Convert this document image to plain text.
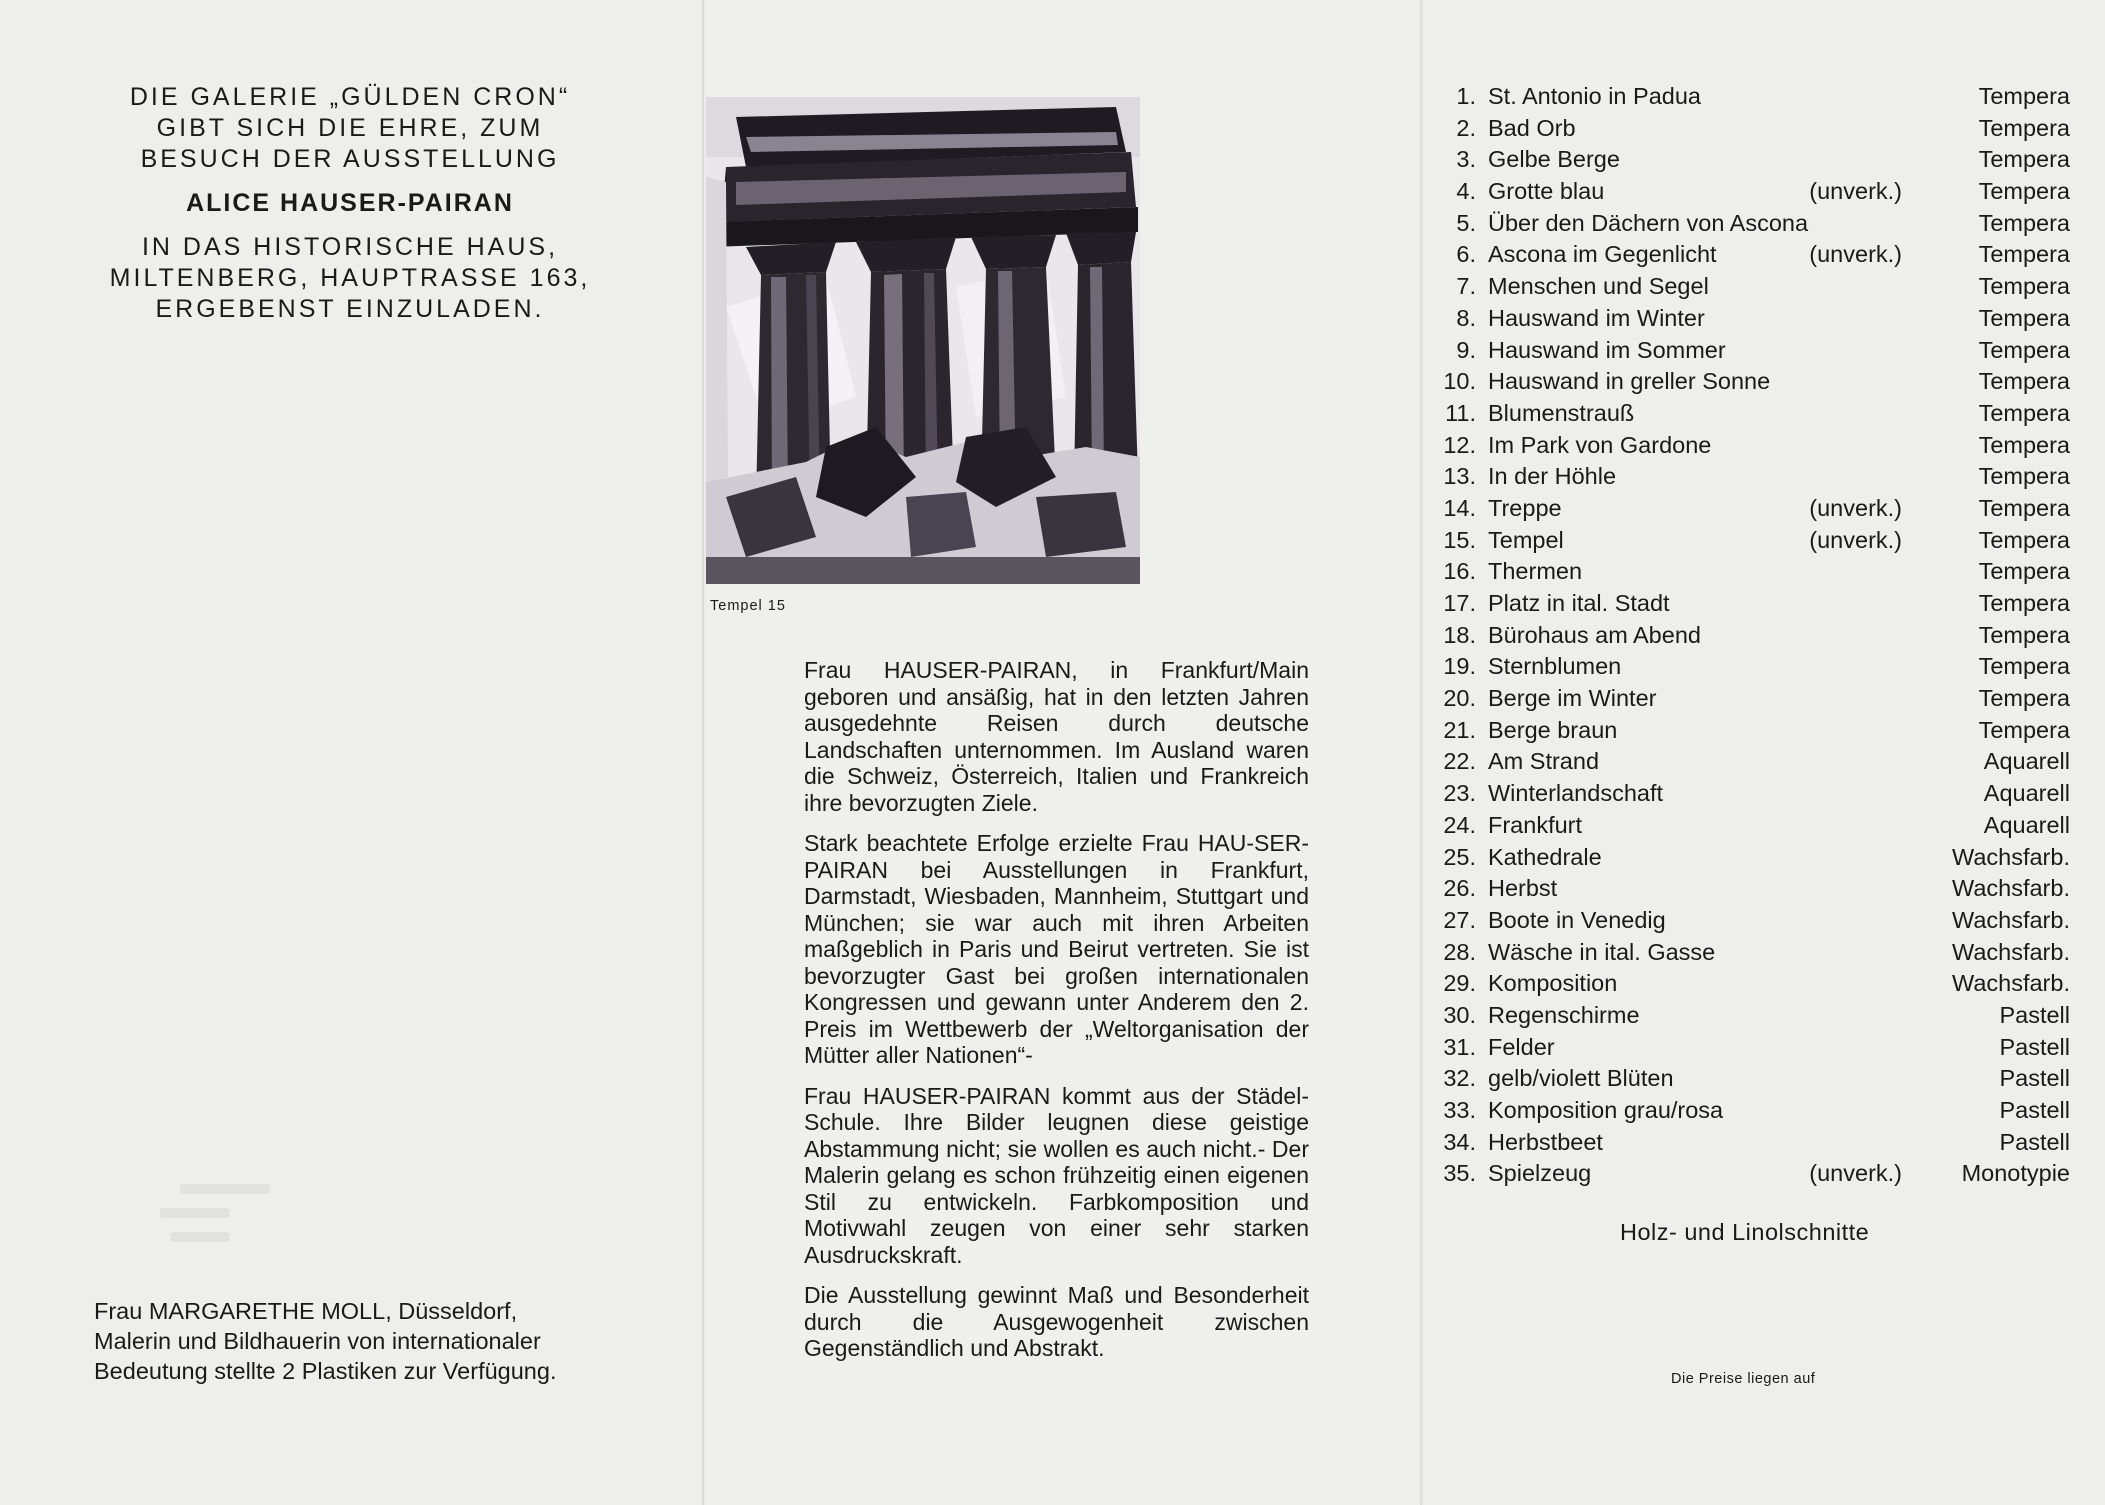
DIE GALERIE „GÜLDEN CRON“

GIBT SICH DIE EHRE, ZUM

BESUCH DER AUSSTELLUNG

ALICE HAUSER-PAIRAN

IN DAS HISTORISCHE HAUS,

MILTENBERG, HAUPTRASSE 163,

ERGEBENST EINZULADEN.

Frau MARGARETHE MOLL, Düsseldorf,
Malerin und Bildhauerin von internationaler
Bedeutung stellte 2 Plastiken zur Verfügung.
Tempel 15

Frau HAUSER-PAIRAN, in Frankfurt/Main geboren und ansäßig, hat in den letzten Jahren ausgedehnte Reisen durch deutsche Landschaften unternommen. Im Ausland waren die Schweiz, Österreich, Italien und Frankreich ihre bevorzugten Ziele.

Stark beachtete Erfolge erzielte Frau HAU-SER-PAIRAN bei Ausstellungen in Frankfurt, Darmstadt, Wiesbaden, Mannheim, Stuttgart und München; sie war auch mit ihren Arbeiten maßgeblich in Paris und Beirut vertreten. Sie ist bevorzugter Gast bei großen internationalen Kongressen und gewann unter Anderem den 2. Preis im Wettbewerb der „Weltorganisation der Mütter aller Nationen“-

Frau HAUSER-PAIRAN kommt aus der Städel-Schule. Ihre Bilder leugnen diese geistige Abstammung nicht; sie wollen es auch nicht.- Der Malerin gelang es schon frühzeitig einen eigenen Stil zu entwickeln. Farbkomposition und Motivwahl zeugen von einer sehr starken Ausdruckskraft.

Die Ausstellung gewinnt Maß und Besonderheit durch die Ausgewogenheit zwischen Gegenständlich und Abstrakt.

1. St. Antonio in Padua	Tempera
2. Bad Orb	Tempera
3. Gelbe Berge	Tempera
4. Grotte blau	(unverk.)	Tempera
5. Über den Dächern von Ascona	Tempera
6. Ascona im Gegenlicht	(unverk.)	Tempera
7. Menschen und Segel	Tempera
8. Hauswand im Winter	Tempera
9. Hauswand im Sommer	Tempera
10. Hauswand in greller Sonne	Tempera
11. Blumenstrauß	Tempera
12. Im Park von Gardone	Tempera
13. In der Höhle	Tempera
14. Treppe	(unverk.)	Tempera
15. Tempel	(unverk.)	Tempera
16. Thermen	Tempera
17. Platz in ital. Stadt	Tempera
18. Bürohaus am Abend	Tempera
19. Sternblumen	Tempera
20. Berge im Winter	Tempera
21. Berge braun	Tempera
22. Am Strand	Aquarell
23. Winterlandschaft	Aquarell
24. Frankfurt	Aquarell
25. Kathedrale	Wachsfarb.
26. Herbst	Wachsfarb.
27. Boote in Venedig	Wachsfarb.
28. Wäsche in ital. Gasse	Wachsfarb.
29. Komposition	Wachsfarb.
30. Regenschirme	Pastell
31. Felder	Pastell
32. gelb/violett Blüten	Pastell
33. Komposition grau/rosa	Pastell
34. Herbstbeet	Pastell
35. Spielzeug	(unverk.)	Monotypie
Holz- und Linolschnitte
Die Preise liegen auf
